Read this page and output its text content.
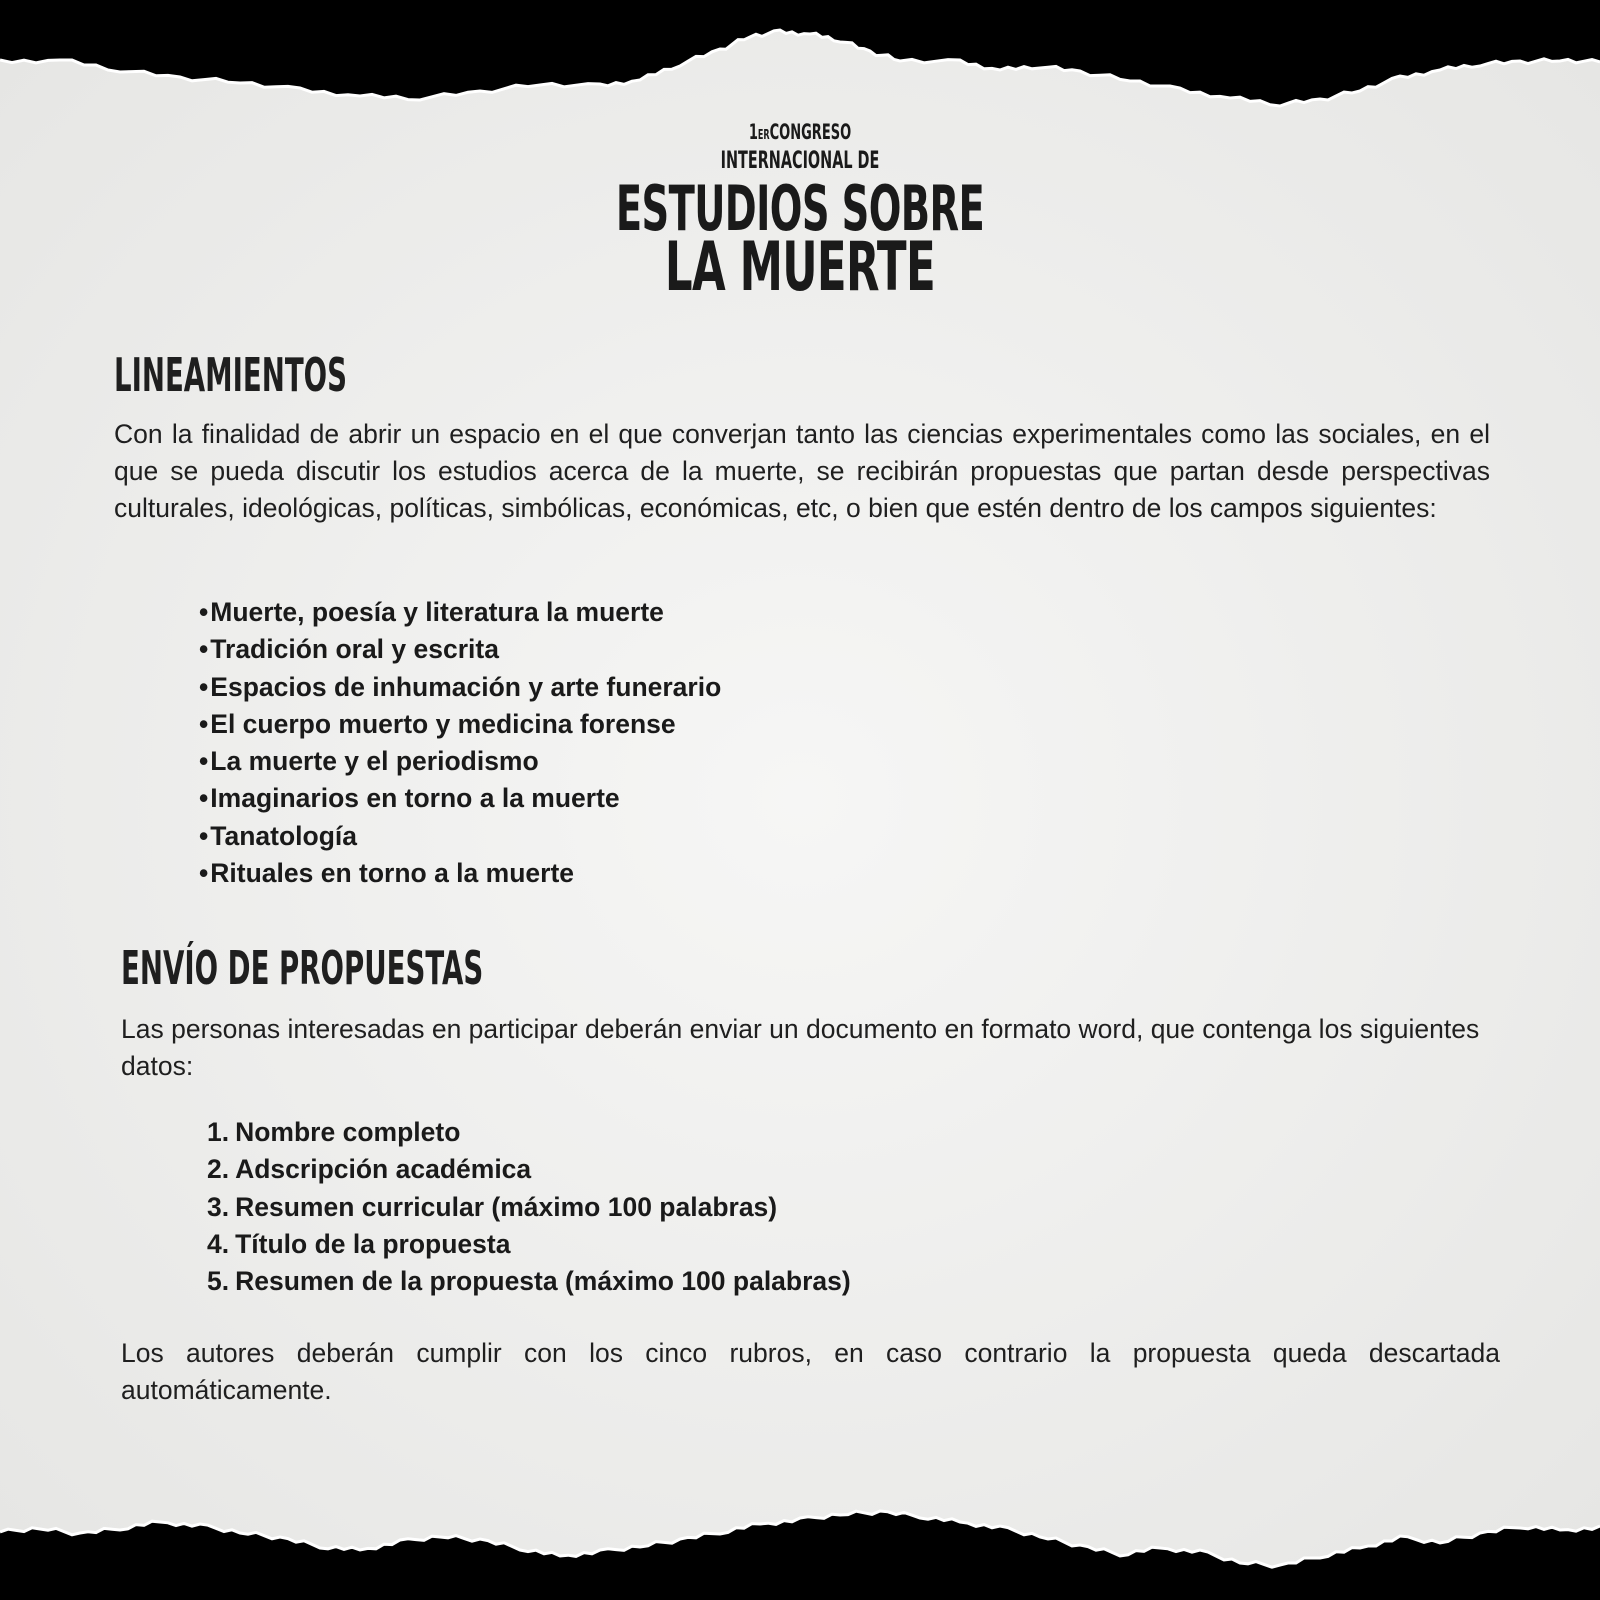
1ERCONGRESO
INTERNACIONAL DE
ESTUDIOS SOBRE
LA MUERTE
LINEAMIENTOS

Con la finalidad de abrir un espacio en el que converjan tanto las ciencias experimentales como las sociales, en el que se pueda discutir los estudios acerca de la muerte, se recibirán propuestas que partan desde perspectivas culturales, ideológicas, políticas, simbólicas, económicas, etc, o bien que estén dentro de los campos siguientes:

•Muerte, poesía y literatura la muerte
•Tradición oral y escrita
•Espacios de inhumación y arte funerario
•El cuerpo muerto y medicina forense
•La muerte y el periodismo
•Imaginarios en torno a la muerte
•Tanatología
•Rituales en torno a la muerte
ENVÍO DE PROPUESTAS

Las personas interesadas en participar deberán enviar un documento en formato word, que contenga los siguientes datos:

1. Nombre completo
2. Adscripción académica
3. Resumen curricular (máximo 100 palabras)
4. Título de la propuesta
5. Resumen de la propuesta (máximo 100 palabras)

Los autores deberán cumplir con los cinco rubros, en caso contrario la propuesta queda descartada automáticamente.
